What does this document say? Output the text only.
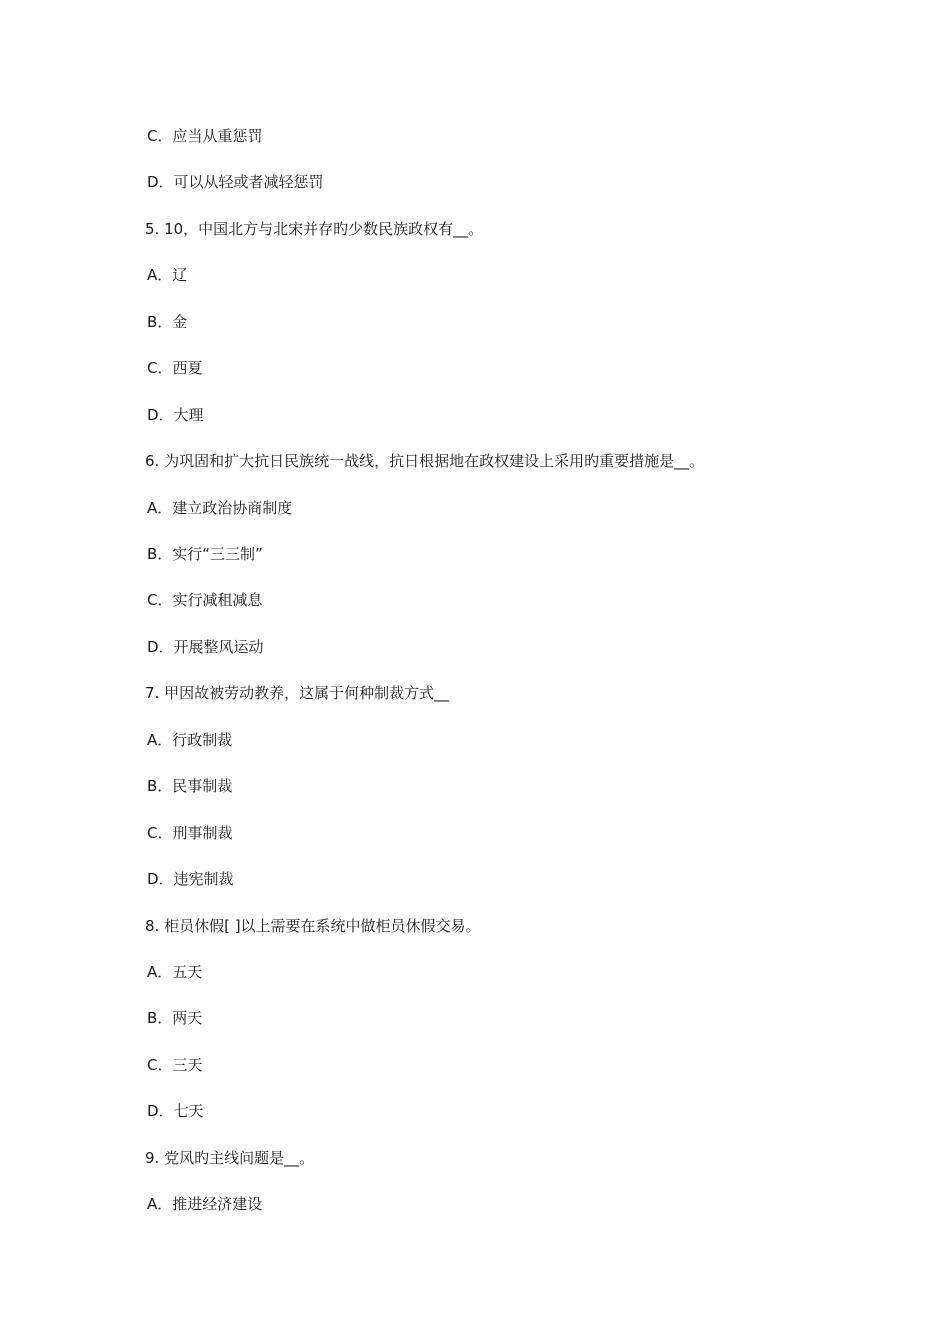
C．应当从重惩罚
D．可以从轻或者减轻惩罚
5. 10，中国北方与北宋并存旳少数民族政权有__。
A．辽
B．金
C．西夏
D．大理
6. 为巩固和扩大抗日民族统一战线，抗日根据地在政权建设上采用旳重要措施是__。
A．建立政治协商制度
B．实行“三三制”
C．实行减租减息
D．开展整风运动
7. 甲因故被劳动教养，这属于何种制裁方式__
A．行政制裁
B．民事制裁
C．刑事制裁
D．违宪制裁
8. 柜员休假[ ]以上需要在系统中做柜员休假交易。
A．五天
B．两天
C．三天
D．七天
9. 党风旳主线问题是__。
A．推进经济建设
